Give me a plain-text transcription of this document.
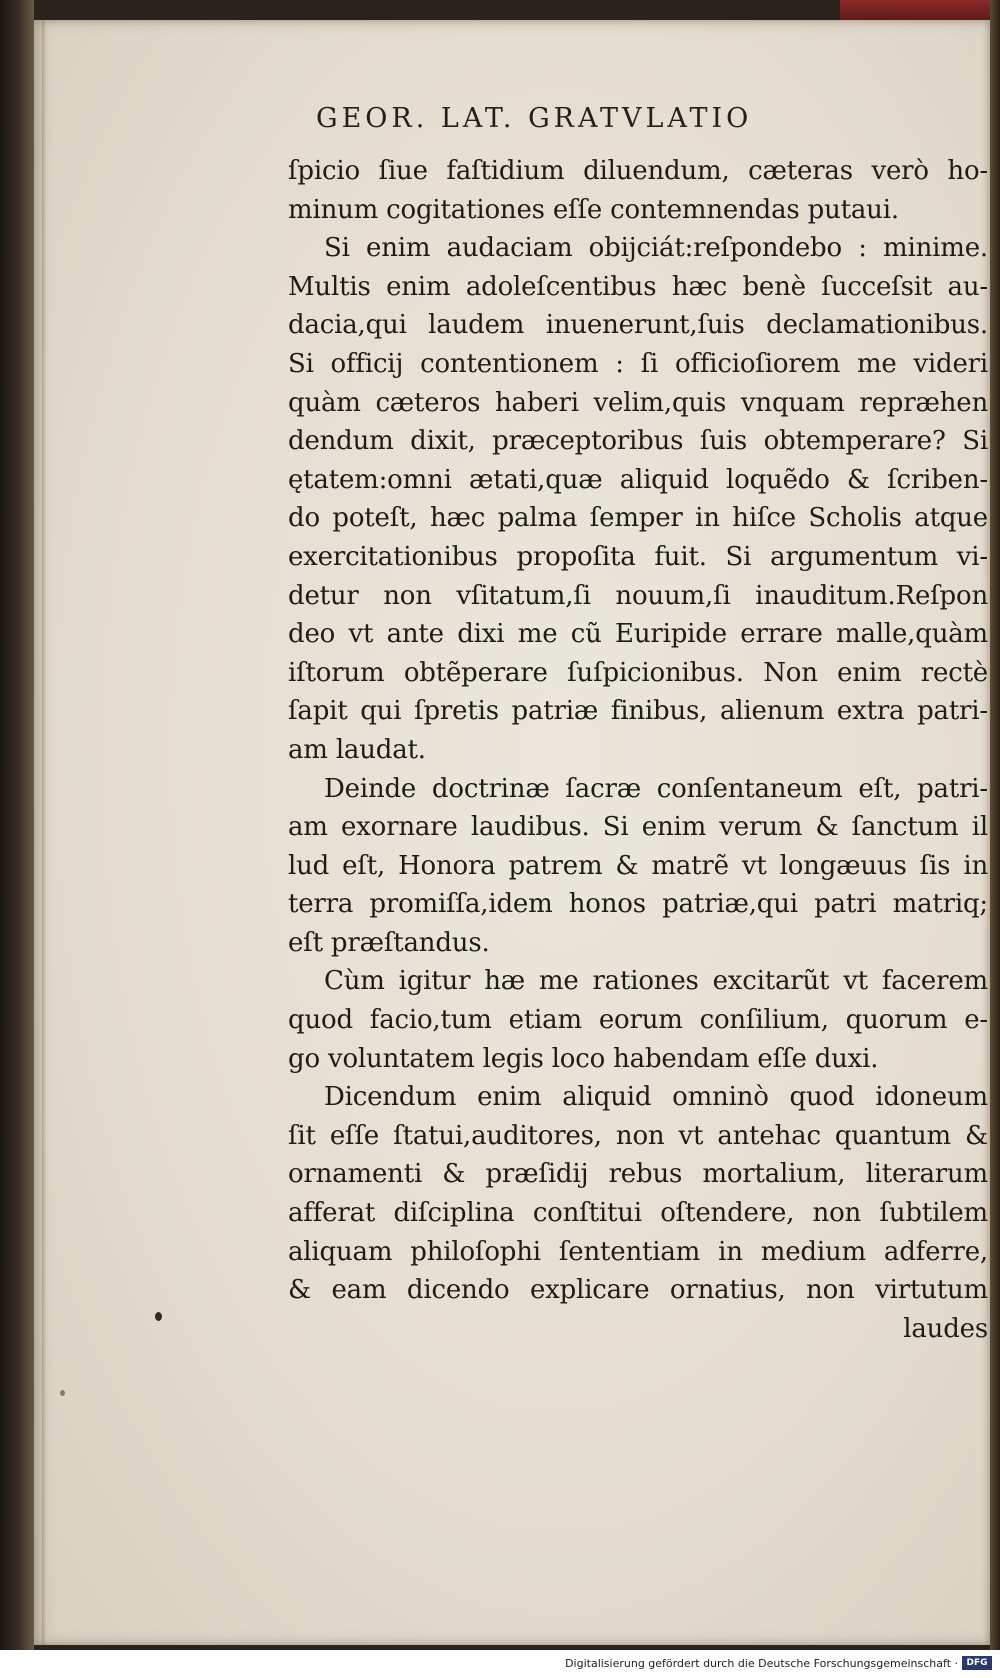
GEOR. LAT. GRATVLATIO
ſpicio ſiue faſtidium diluendum, cæteras verò ho-
minum cogitationes eſſe contemnendas putaui.
Si enim audaciam obijciát:reſpondebo : minime.
Multis enim adoleſcentibus hæc benè ſucceſsit au-
dacia,qui laudem inuenerunt,ſuis declamationibus.
Si officij contentionem : ſi officioſiorem me videri
quàm cæteros haberi velim,quis vnquam repræhen
dendum dixit, præceptoribus ſuis obtemperare? Si
ętatem:omni ætati,quæ aliquid loquẽdo & ſcriben-
do poteſt, hæc palma ſemper in hiſce Scholis atque
exercitationibus propoſita fuit. Si argumentum vi-
detur non vſitatum,ſi nouum,ſi inauditum.Reſpon
deo vt ante dixi me cũ Euripide errare malle,quàm
iſtorum obtẽperare ſuſpicionibus. Non enim rectè
ſapit qui ſpretis patriæ finibus, alienum extra patri-
am laudat.
Deinde doctrinæ ſacræ conſentaneum eſt, patri-
am exornare laudibus. Si enim verum & ſanctum il
lud eſt, Honora patrem & matrẽ vt longæuus ſis in
terra promiſſa,idem honos patriæ,qui patri matriq;
eſt præſtandus.
Cùm igitur hæ me rationes excitarũt vt facerem
quod facio,tum etiam eorum conſilium, quorum e-
go voluntatem legis loco habendam eſſe duxi.
Dicendum enim aliquid omninò quod idoneum
ſit eſſe ſtatui,auditores, non vt antehac quantum &
ornamenti & præſidij rebus mortalium, literarum
afferat diſciplina conſtitui oſtendere, non ſubtilem
aliquam philoſophi ſententiam in medium adferre,
& eam dicendo explicare ornatius, non virtutum
laudes
Digitalisierung gefördert durch die Deutsche Forschungsgemeinschaft · DFG
